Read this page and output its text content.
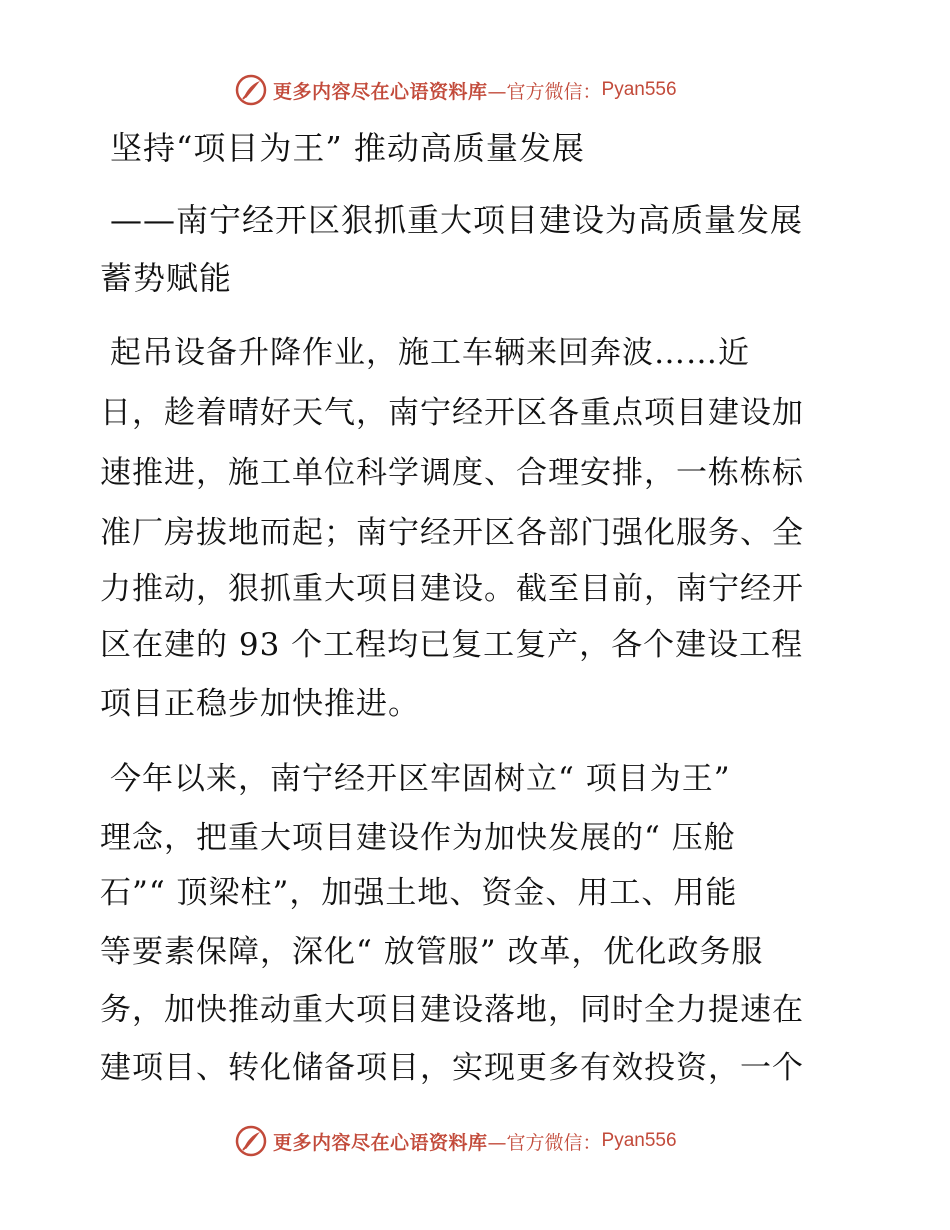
更多内容尽在心语资料库 —官方微信： Pyan556
坚持“项目为王” 推动高质量发展
——南宁经开区狠抓重大项目建设为高质量发展
蓄势赋能
起吊设备升降作业，施工车辆来回奔波……近
日，趁着晴好天气，南宁经开区各重点项目建设加
速推进，施工单位科学调度、合理安排，一栋栋标
准厂房拔地而起；南宁经开区各部门强化服务、全
力推动，狠抓重大项目建设。截至目前，南宁经开
区在建的 93 个工程均已复工复产，各个建设工程
项目正稳步加快推进。
今年以来，南宁经开区牢固树立“ 项目为王”
理念，把重大项目建设作为加快发展的“ 压舱
石”“ 顶梁柱”，加强土地、资金、用工、用能
等要素保障，深化“ 放管服” 改革，优化政务服
务，加快推动重大项目建设落地，同时全力提速在
建项目、转化储备项目，实现更多有效投资，一个
更多内容尽在心语资料库 —官方微信： Pyan556
